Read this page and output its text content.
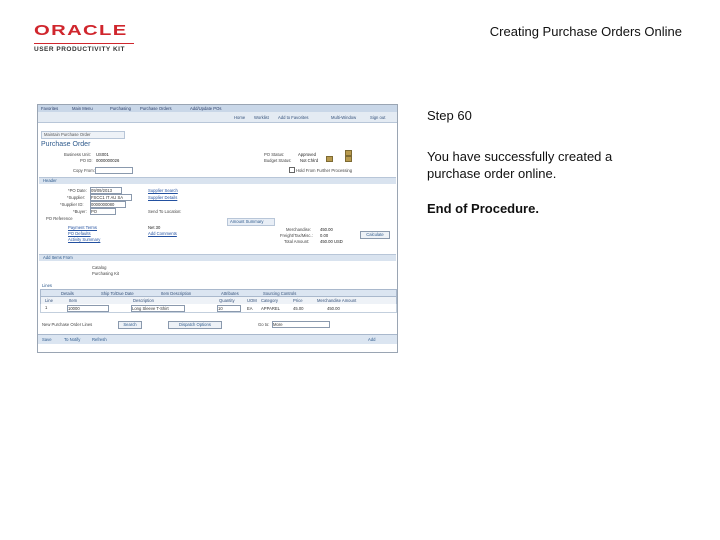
ORACLE
USER PRODUCTIVITY KIT
Creating Purchase Orders Online
Favorites	Main Menu	Purchasing Purchase Orders	Add/Update POs
Home Worklist Add to Favorites	Multi-Window	Sign out
Maintain Purchase Order
Purchase Order
Business Unit: US001
PO ID: 0000000026
Copy From:
PO Status:	Approved
Budget Status: Not Chk'd
Hold From Further Processing
Header
*PO Date: 09/09/2013	Supplier Search
*Supplier: FSCC1 IT AU SA	Supplier Details
*Supplier ID: 0000000080
*Buyer: PO	Send To Location:
PO Reference
Payment Terms	Net 30
PO Defaults	Add Comments
Activity Summary
Amount Summary
Merchandise: 450.00
Freight/Tax/Misc.: 0.00
Total Amount:	450.00 USD
Calculate
Add Items From
Catalog
Purchasing Kit
Lines
Details	Ship To/Due Date	Item Description	Attributes	Sourcing Controls
Line	Item	Description	Quantity	UOM Category	Price	Merchandise Amount
1	10000	Long Sleeve T-Shirt	10	EA APPAREL	45.00	450.00
New Purchase Order Lines	Search	Dispatch Options	Go to: More
Save	To Notify	Refresh	Add
Step 60
You have successfully created a purchase order online.
End of Procedure.
